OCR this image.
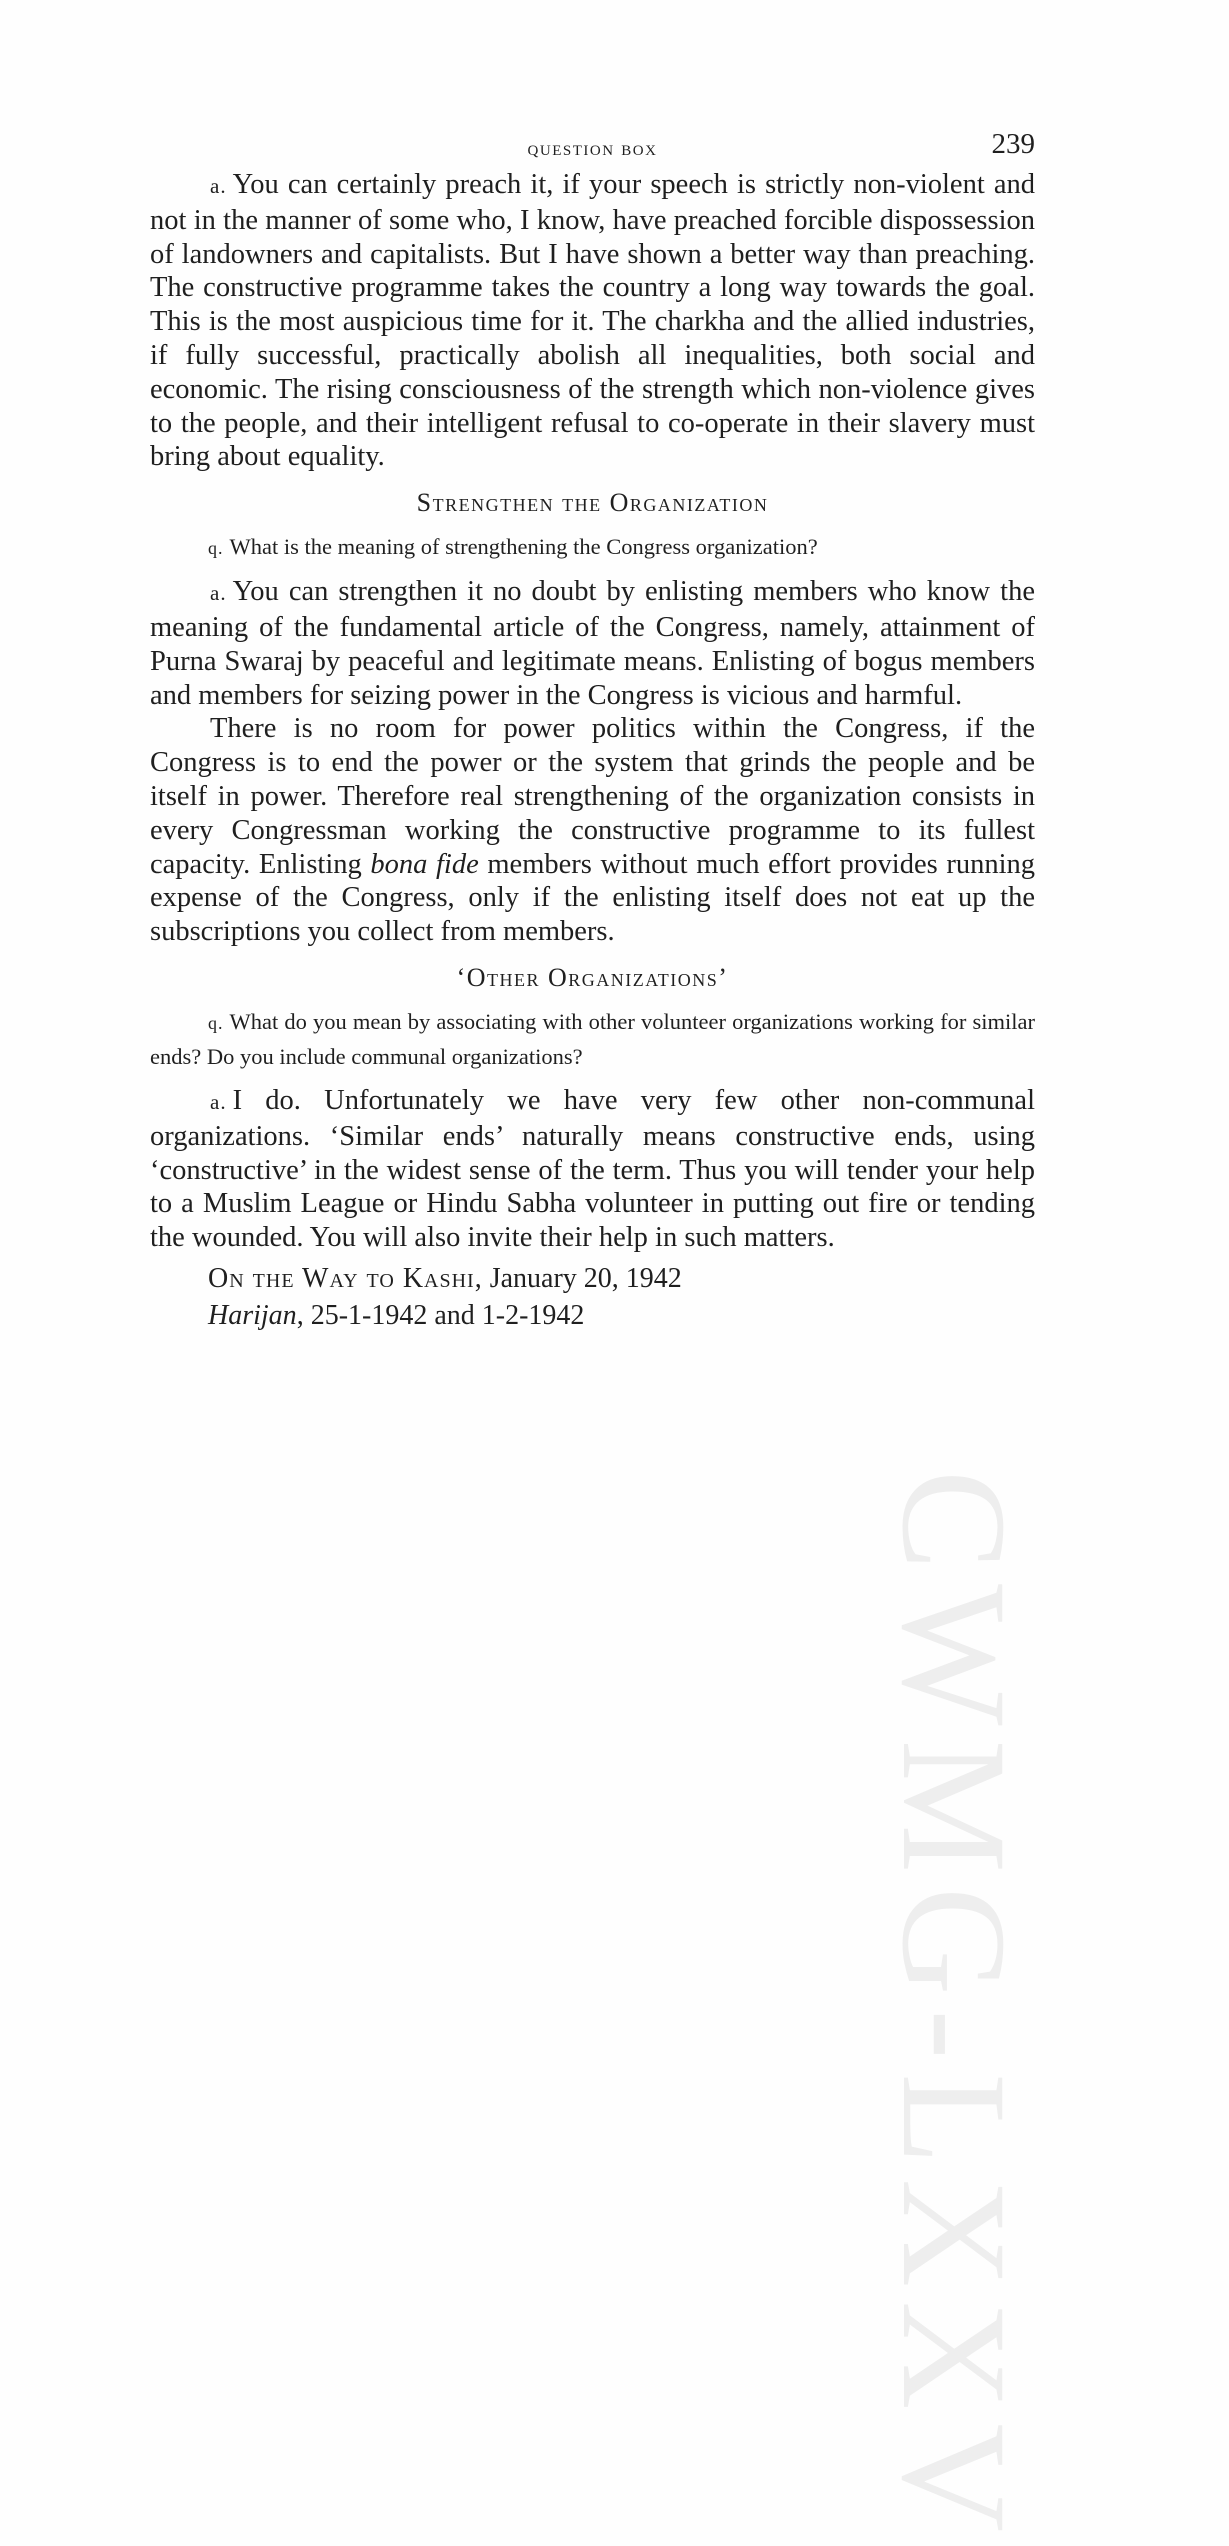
CWMG-LXXV
question box	239

a. You can certainly preach it, if your speech is strictly non-violent and not in the manner of some who, I know, have preached forcible dispossession of landowners and capitalists. But I have shown a better way than preaching. The constructive programme takes the country a long way towards the goal. This is the most auspicious time for it. The charkha and the allied industries, if fully successful, practically abolish all inequalities, both social and economic. The rising consciousness of the strength which non-violence gives to the people, and their intelligent refusal to co-operate in their slavery must bring about equality.

Strengthen the Organization

q. What is the meaning of strengthening the Congress organization?

a. You can strengthen it no doubt by enlisting members who know the meaning of the fundamental article of the Congress, namely, attainment of Purna Swaraj by peaceful and legitimate means. Enlisting of bogus members and members for seizing power in the Congress is vicious and harmful.

There is no room for power politics within the Congress, if the Congress is to end the power or the system that grinds the people and be itself in power. Therefore real strengthening of the organization consists in every Congressman working the constructive programme to its fullest capacity. Enlisting bona fide members without much effort provides running expense of the Congress, only if the enlisting itself does not eat up the subscriptions you collect from members.

‘Other Organizations’

q. What do you mean by associating with other volunteer organizations working for similar ends? Do you include communal organizations?

a. I do. Unfortunately we have very few other non-communal organizations. ‘Similar ends’ naturally means constructive ends, using ‘constructive’ in the widest sense of the term. Thus you will tender your help to a Muslim League or Hindu Sabha volunteer in putting out fire or tending the wounded. You will also invite their help in such matters.

On the Way to Kashi, January 20, 1942

Harijan, 25-1-1942 and 1-2-1942
